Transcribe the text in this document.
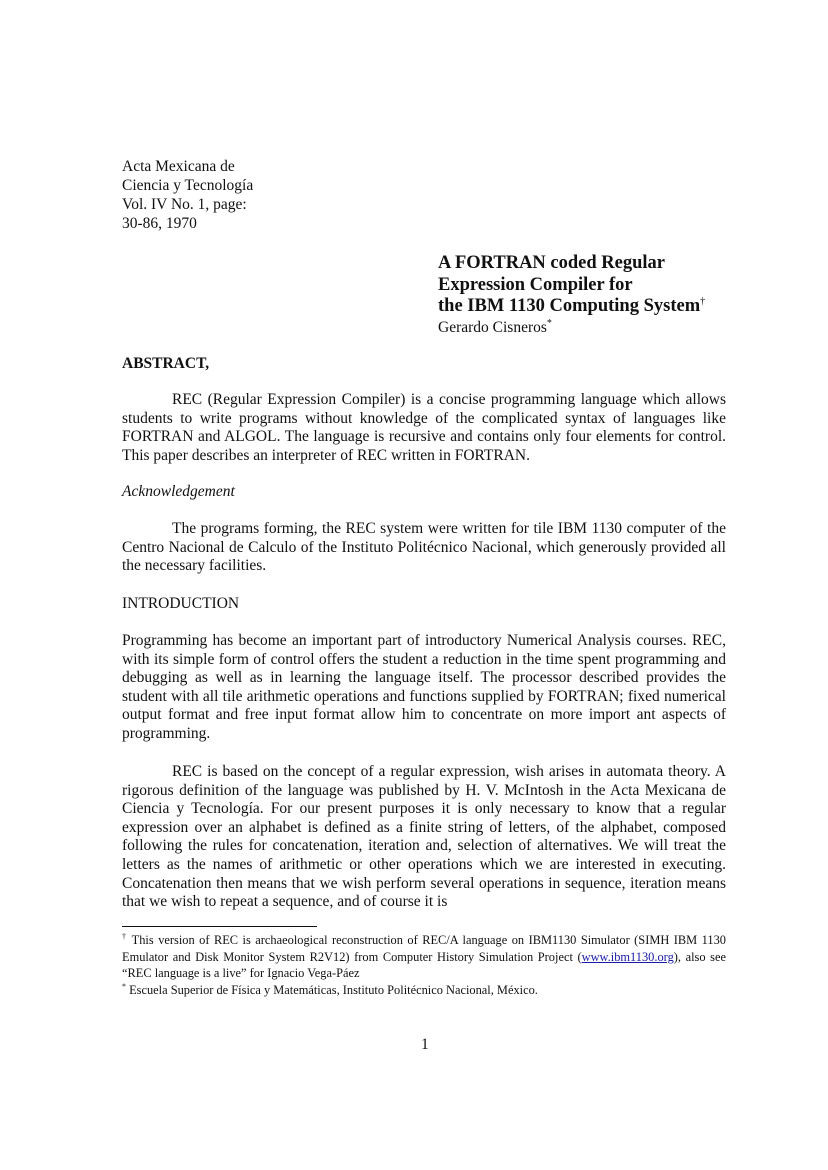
Acta Mexicana de
Ciencia y Tecnología
Vol. IV No. 1, page:
30-86, 1970
A FORTRAN coded Regular
Expression Compiler for
the IBM 1130 Computing System†
Gerardo Cisneros*
ABSTRACT,
REC (Regular Expression Compiler) is a concise programming language which allows students to write programs without knowledge of the complicated syntax of languages like FORTRAN and ALGOL. The language is recursive and contains only four elements for control. This paper describes an interpreter of REC written in FORTRAN.
Acknowledgement
The programs forming, the REC system were written for tile IBM 1130 computer of the Centro Nacional de Calculo of the Instituto Politécnico Nacional, which generously provided all the necessary facilities.
INTRODUCTION
Programming has become an important part of introductory Numerical Analysis courses. REC, with its simple form of control offers the student a reduction in the time spent programming and debugging as well as in learning the language itself. The processor described provides the student with all tile arithmetic operations and functions supplied by FORTRAN; fixed numerical output format and free input format allow him to concentrate on more import ant aspects of programming.
REC is based on the concept of a regular expression, wish arises in automata theory. A rigorous definition of the language was published by H. V. McIntosh in the Acta Mexicana de Ciencia y Tecnología. For our present purposes it is only necessary to know that a regular expression over an alphabet is defined as a finite string of letters, of the alphabet, composed following the rules for concatenation, iteration and, selection of alternatives. We will treat the letters as the names of arithmetic or other operations which we are interested in executing. Concatenation then means that we wish perform several operations in sequence, iteration means that we wish to repeat a sequence, and of course it is
† This version of REC is archaeological reconstruction of REC/A language on IBM1130 Simulator (SIMH IBM 1130 Emulator and Disk Monitor System R2V12) from Computer History Simulation Project (www.ibm1130.org), also see “REC language is a live” for Ignacio Vega-Páez
* Escuela Superior de Física y Matemáticas, Instituto Politécnico Nacional, México.
1
